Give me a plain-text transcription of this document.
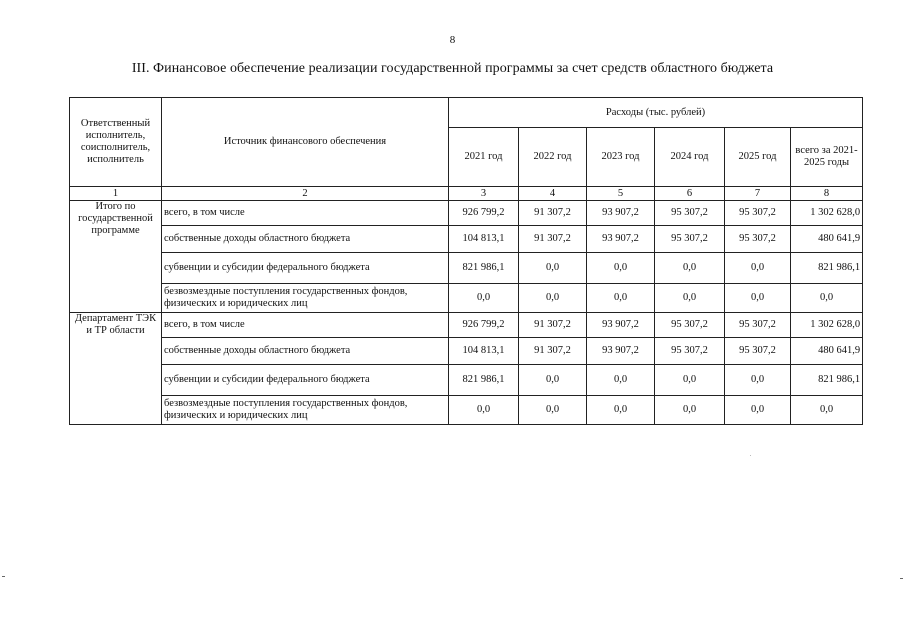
8
III. Финансовое обеспечение реализации государственной программы за счет средств областного бюджета
Ответственный исполнитель, соисполнитель, исполнитель	Источник финансового обеспечения	Расходы (тыс. рублей)					
		2021 год	2022 год	2023 год	2024 год	2025 год	всего за 2021-2025 годы
1	2	3	4	5	6	7	8
Итого по государственной программе	всего, в том числе	926 799,2	91 307,2	93 907,2	95 307,2	95 307,2	1 302 628,0
	собственные доходы областного бюджета	104 813,1	91 307,2	93 907,2	95 307,2	95 307,2	480 641,9
	субвенции и субсидии федерального бюджета	821 986,1	0,0	0,0	0,0	0,0	821 986,1
	безвозмездные поступления государственных фондов, физических и юридических лиц	0,0	0,0	0,0	0,0	0,0	0,0
Департамент ТЭК и ТР области	всего, в том числе	926 799,2	91 307,2	93 907,2	95 307,2	95 307,2	1 302 628,0
	собственные доходы областного бюджета	104 813,1	91 307,2	93 907,2	95 307,2	95 307,2	480 641,9
	субвенции и субсидии федерального бюджета	821 986,1	0,0	0,0	0,0	0,0	821 986,1
	безвозмездные поступления государственных фондов, физических и юридических лиц	0,0	0,0	0,0	0,0	0,0	0,0
